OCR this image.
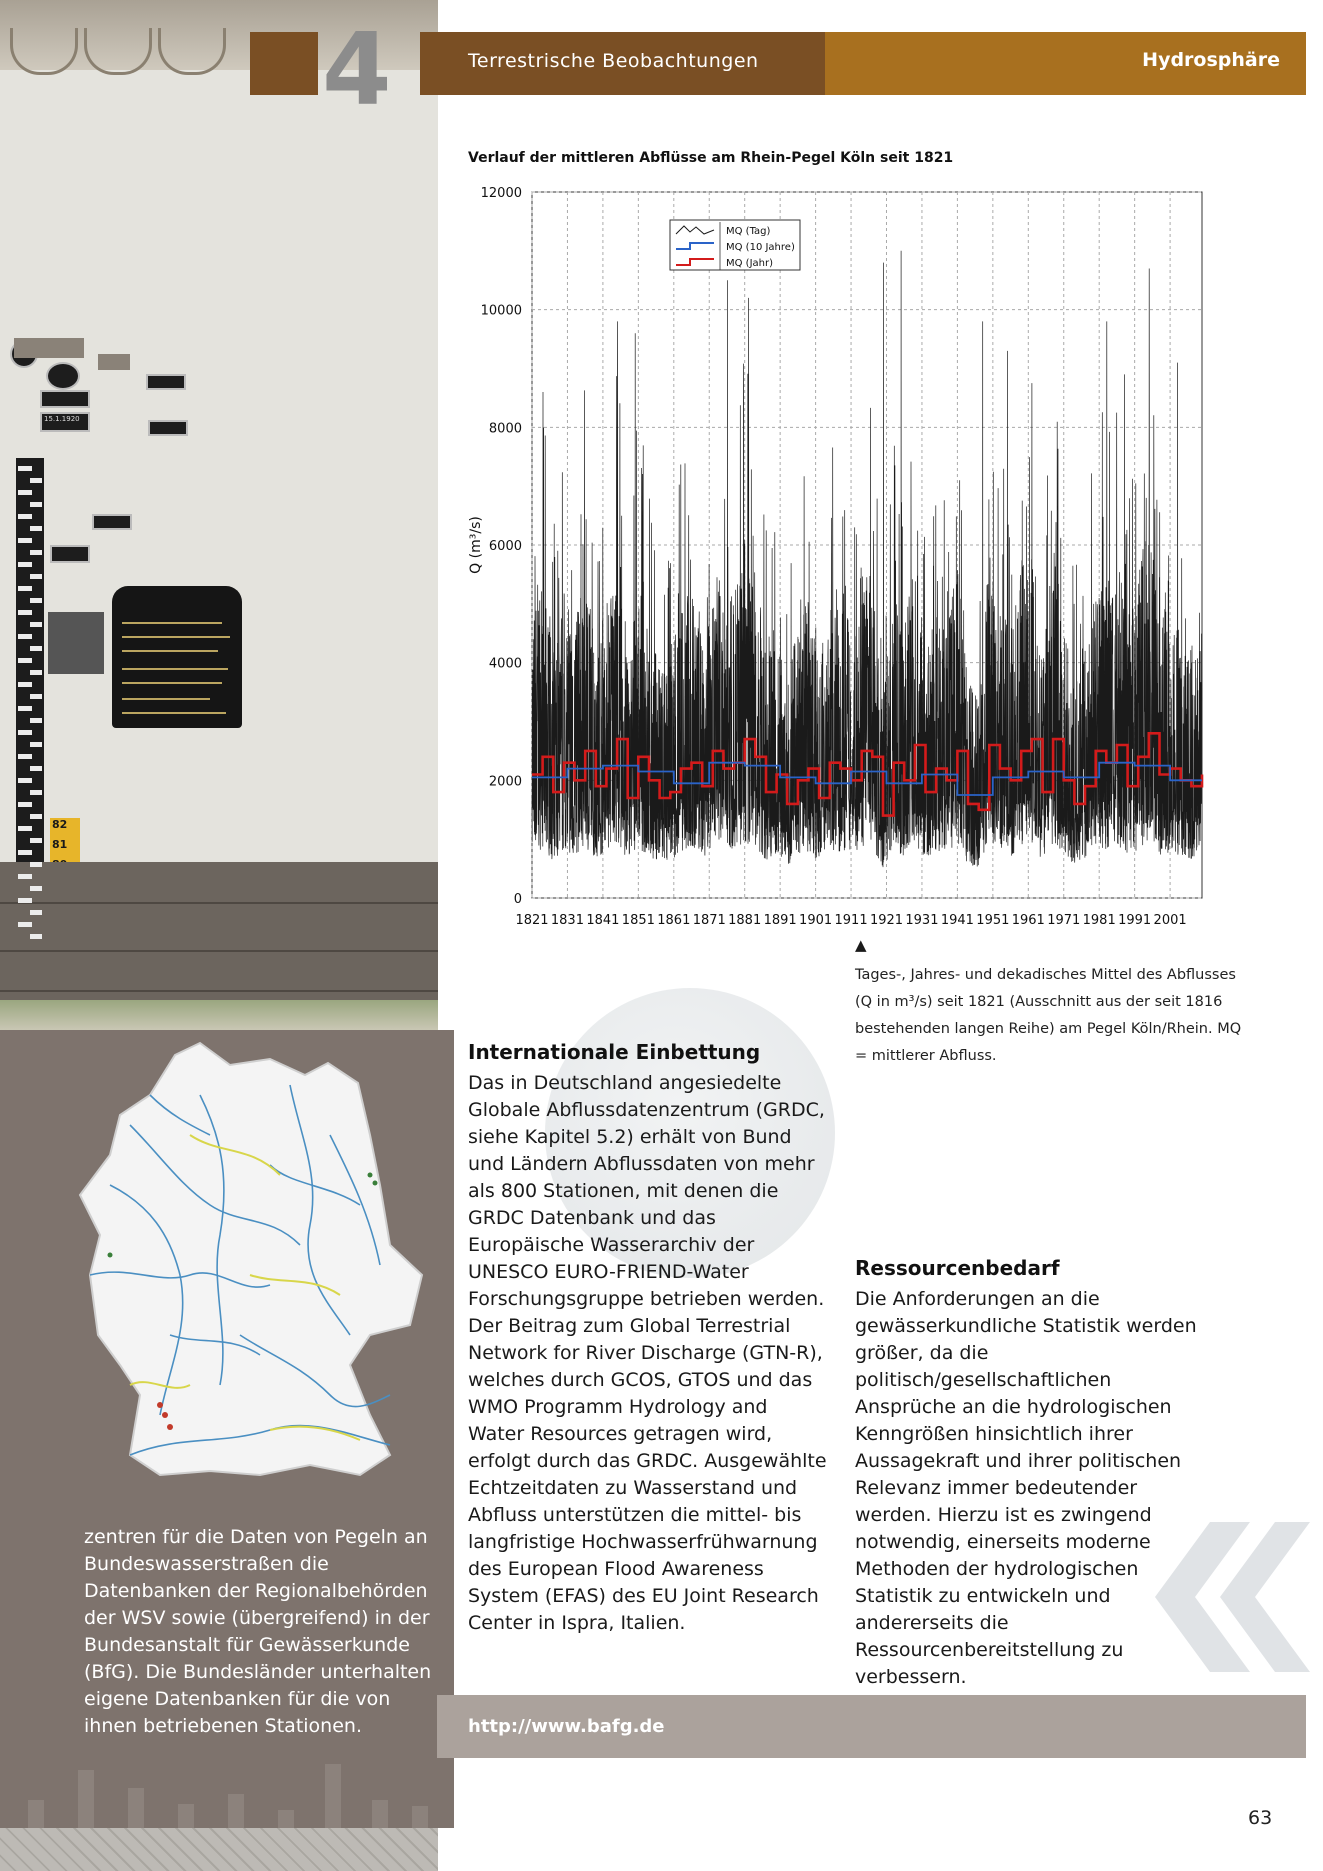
15.1.1920
82
81
4	Terrestrische Beobachtungen	Hydrosphäre
Verlauf der mittleren Abflüsse am Rhein-Pegel Köln seit 1821
0
2000
4000
6000
8000
10000
12000
1821 1831 1841 1851 1861 1871 1881 1891 1901 1911 1921 1931 1941 1951 1961 1971 1981 1991 2001
Q (m³/s)
MQ (Tag)
MQ (10 Jahre)
MQ (Jahr)
▲
Tages-, Jahres- und dekadisches Mittel des Abflusses (Q in m³/s) seit 1821 (Ausschnitt aus der seit 1816 bestehenden langen Reihe) am Pegel Köln/Rhein. MQ = mittlerer Abfluss.
zentren für die Daten von Pegeln an Bundeswasserstraßen die Datenbanken der Regionalbehörden der WSV sowie (übergreifend) in der Bundesanstalt für Gewässerkunde (BfG). Die Bundesländer unterhalten eigene Datenbanken für die von ihnen betriebenen Stationen.
Internationale Einbettung
Das in Deutschland angesiedelte Globale Abflussdatenzentrum (GRDC, siehe Kapitel 5.2) erhält von Bund und Ländern Abflussdaten von mehr als 800 Stationen, mit denen die GRDC Datenbank und das Europäische Wasserarchiv der UNESCO EURO-FRIEND-Water Forschungsgruppe betrieben werden. Der Beitrag zum Global Terrestrial Network for River Discharge (GTN-R), welches durch GCOS, GTOS und das WMO Programm Hydrology and Water Resources getragen wird, erfolgt durch das GRDC. Ausgewählte Echtzeitdaten zu Wasserstand und Abfluss unterstützen die mittel- bis langfristige Hochwasserfrühwarnung des European Flood Awareness System (EFAS) des EU Joint Research Center in Ispra, Italien.
Ressourcenbedarf
Die Anforderungen an die gewässerkundliche Statistik werden größer, da die politisch/gesellschaftlichen Ansprüche an die hydrologischen Kenngrößen hinsichtlich ihrer Aussagekraft und ihrer politischen Relevanz immer bedeutender werden. Hierzu ist es zwingend notwendig, einerseits moderne Methoden der hydrologischen Statistik zu entwickeln und andererseits die Ressourcenbereitstellung zu verbessern.
http://www.bafg.de
63
